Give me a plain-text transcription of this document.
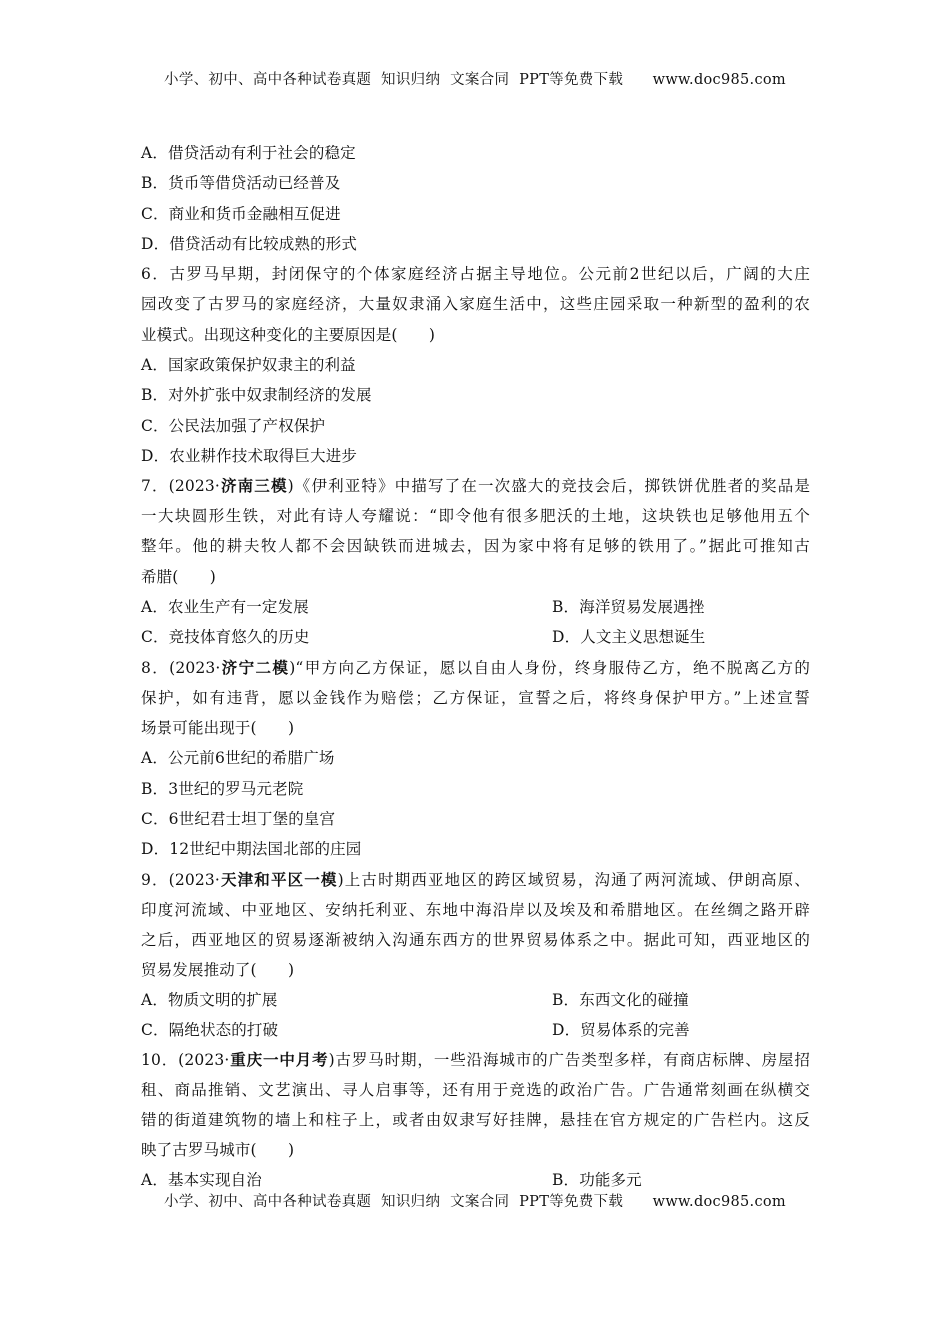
小学、初中、高中各种试卷真题  知识归纳  文案合同  PPT等免费下载      www.doc985.com
A．借贷活动有利于社会的稳定
B．货币等借贷活动已经普及
C．商业和货币金融相互促进
D．借贷活动有比较成熟的形式
6．古罗马早期，封闭保守的个体家庭经济占据主导地位。公元前2世纪以后，广阔的大庄
园改变了古罗马的家庭经济，大量奴隶涌入家庭生活中，这些庄园采取一种新型的盈利的农
业模式。出现这种变化的主要原因是(　　)
A．国家政策保护奴隶主的利益
B．对外扩张中奴隶制经济的发展
C．公民法加强了产权保护
D．农业耕作技术取得巨大进步
7．(2023·济南三模)《伊利亚特》中描写了在一次盛大的竞技会后，掷铁饼优胜者的奖品是
一大块圆形生铁，对此有诗人夸耀说：“即令他有很多肥沃的土地，这块铁也足够他用五个
整年。他的耕夫牧人都不会因缺铁而进城去，因为家中将有足够的铁用了。”据此可推知古
希腊(　　)
A．农业生产有一定发展	B．海洋贸易发展遇挫
C．竞技体育悠久的历史	D．人文主义思想诞生
8．(2023·济宁二模)“甲方向乙方保证，愿以自由人身份，终身服侍乙方，绝不脱离乙方的
保护，如有违背，愿以金钱作为赔偿；乙方保证，宣誓之后，将终身保护甲方。”上述宣誓
场景可能出现于(　　)
A．公元前6世纪的希腊广场
B．3世纪的罗马元老院
C．6世纪君士坦丁堡的皇宫
D．12世纪中期法国北部的庄园
9．(2023·天津和平区一模)上古时期西亚地区的跨区域贸易，沟通了两河流域、伊朗高原、
印度河流域、中亚地区、安纳托利亚、东地中海沿岸以及埃及和希腊地区。在丝绸之路开辟
之后，西亚地区的贸易逐渐被纳入沟通东西方的世界贸易体系之中。据此可知，西亚地区的
贸易发展推动了(　　)
A．物质文明的扩展	B．东西文化的碰撞
C．隔绝状态的打破	D．贸易体系的完善
10．(2023·重庆一中月考)古罗马时期，一些沿海城市的广告类型多样，有商店标牌、房屋招
租、商品推销、文艺演出、寻人启事等，还有用于竞选的政治广告。广告通常刻画在纵横交
错的街道建筑物的墙上和柱子上，或者由奴隶写好挂牌，悬挂在官方规定的广告栏内。这反
映了古罗马城市(　　)
A．基本实现自治	B．功能多元
小学、初中、高中各种试卷真题  知识归纳  文案合同  PPT等免费下载      www.doc985.com
